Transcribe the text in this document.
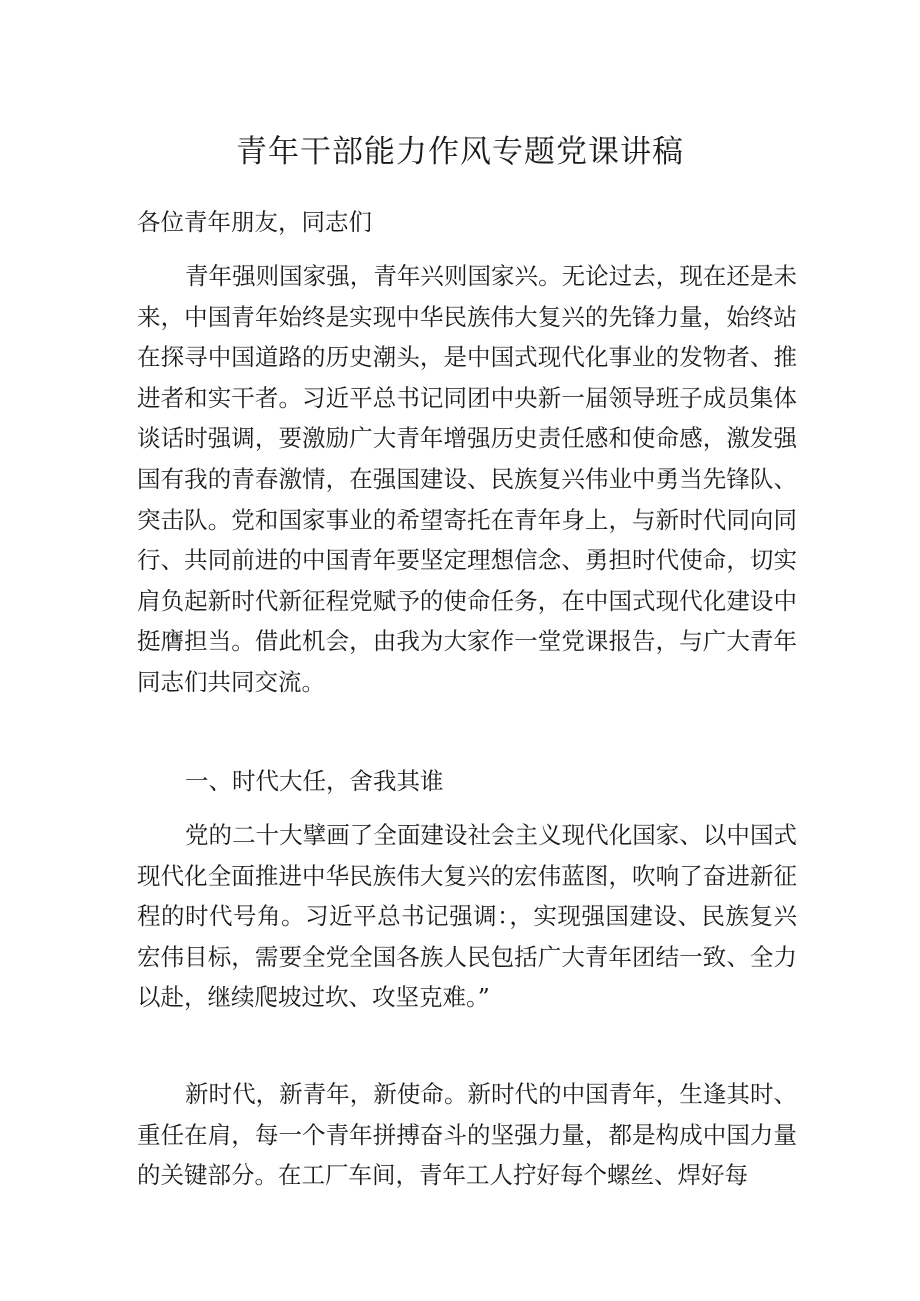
青年干部能力作风专题党课讲稿

各位青年朋友，同志们

青年强则国家强，青年兴则国家兴。无论过去，现在还是未来，中国青年始终是实现中华民族伟大复兴的先锋力量，始终站在探寻中国道路的历史潮头，是中国式现代化事业的发物者、推进者和实干者。习近平总书记同团中央新一届领导班子成员集体谈话时强调，要激励广大青年增强历史责任感和使命感，激发强国有我的青春激情，在强国建设、民族复兴伟业中勇当先锋队、突击队。党和国家事业的希望寄托在青年身上，与新时代同向同行、共同前进的中国青年要坚定理想信念、勇担时代使命，切实肩负起新时代新征程党赋予的使命任务，在中国式现代化建设中挺膺担当。借此机会，由我为大家作一堂党课报告，与广大青年同志们共同交流。

一、时代大任，舍我其谁

党的二十大擘画了全面建设社会主义现代化国家、以中国式现代化全面推进中华民族伟大复兴的宏伟蓝图，吹响了奋进新征程的时代号角。习近平总书记强调：，实现强国建设、民族复兴宏伟目标，需要全党全国各族人民包括广大青年团结一致、全力以赴，继续爬坡过坎、攻坚克难。”

新时代，新青年，新使命。新时代的中国青年，生逢其时、重任在肩，每一个青年拼搏奋斗的坚强力量，都是构成中国力量的关键部分。在工厂车间，青年工人拧好每个螺丝、焊好每
